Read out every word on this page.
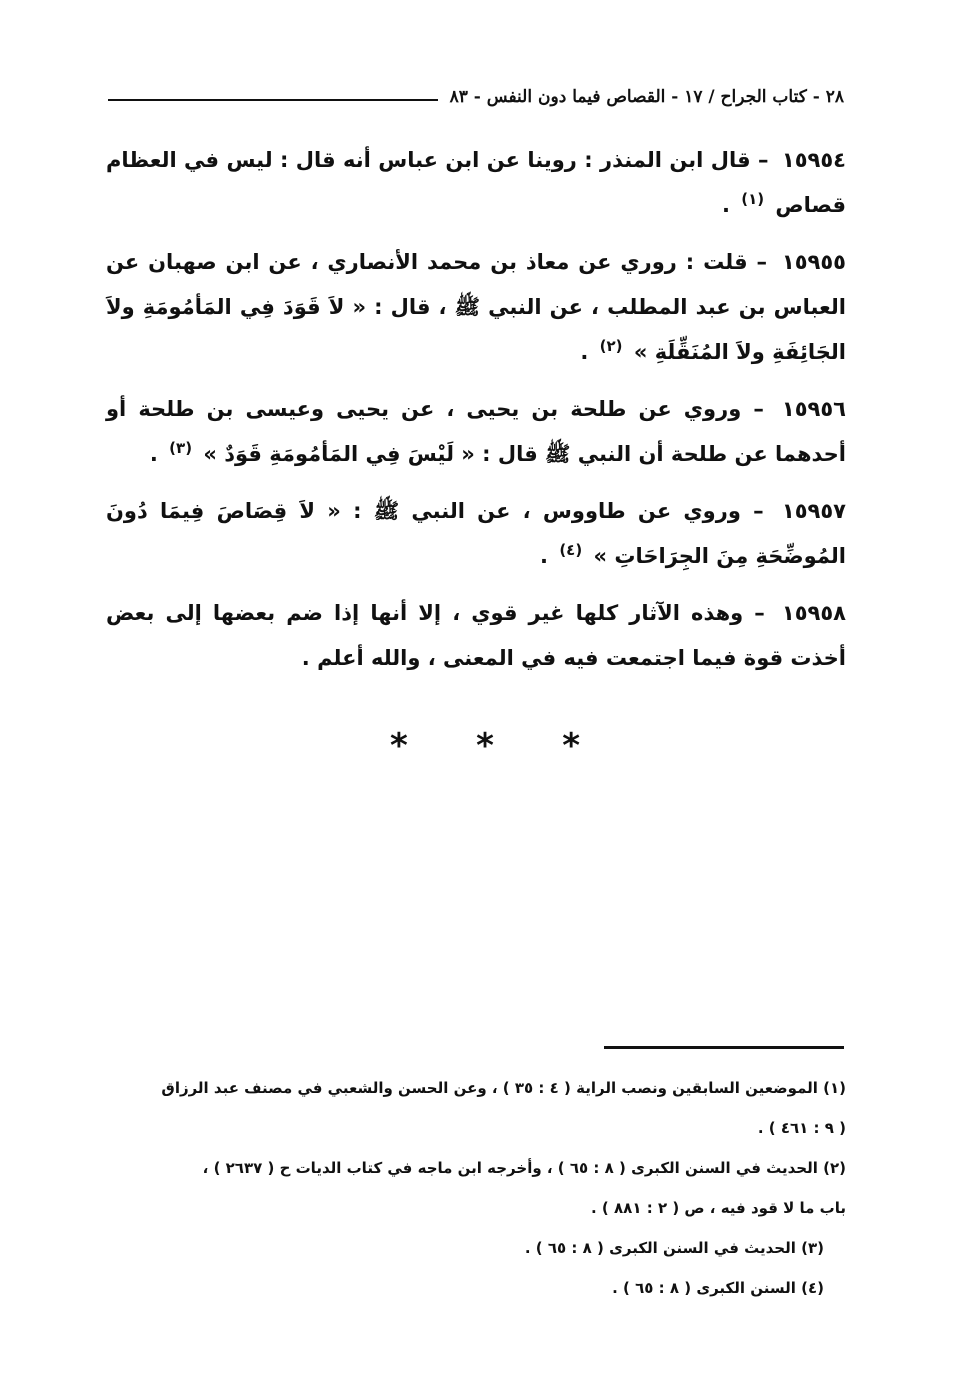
٢٨ - كتاب الجراح / ١٧ - القصاص فيما دون النفس - ٨٣

١٥٩٥٤ – قال ابن المنذر : روينا عن ابن عباس أنه قال : ليس في العظام قصاص $^{(١)}$ .

١٥٩٥٥ – قلت : روري عن معاذ بن محمد الأنصاري ، عن ابن صهبان عن العباس بن عبد المطلب ، عن النبي ﷺ ، قال : « لاَ قَوَدَ فِي المَأمُومَةِ ولاَ الجَائِفَةِ ولاَ المُنَقِّلَةِ » $^{(٢)}$ .

١٥٩٥٦ – وروي عن طلحة بن يحيى ، عن يحيى وعيسى بن طلحة أو أحدهما عن طلحة أن النبي ﷺ قال : « لَيْسَ فِي المَأمُومَةِ قَوَدٌ » $^{(٣)}$ .

١٥٩٥٧ – وروي عن طاووس ، عن النبي ﷺ : « لاَ قِصَاصَ فِيمَا دُونَ المُوضِّحَةِ مِنَ الجِرَاحَاتِ » $^{(٤)}$ .

١٥٩٥٨ – وهذه الآثار كلها غير قوي ، إلا أنها إذا ضم بعضها إلى بعض أخذت قوة فيما اجتمعت فيه في المعنى ، والله أعلم .

* * *

(١) الموضعين السابقين ونصب الراية ( ٤ : ٣٥ ) ، وعن الحسن والشعبي في مصنف عبد الرزاق

( ٩ : ٤٦١ ) .

(٢) الحديث في السنن الكبرى ( ٨ : ٦٥ ) ، وأخرجه ابن ماجه في كتاب الديات ح ( ٢٦٣٧ ) ،

باب ما لا قود فيه ، ص ( ٢ : ٨٨١ ) .

(٣) الحديث في السنن الكبرى ( ٨ : ٦٥ ) .

(٤) السنن الكبرى ( ٨ : ٦٥ ) .
